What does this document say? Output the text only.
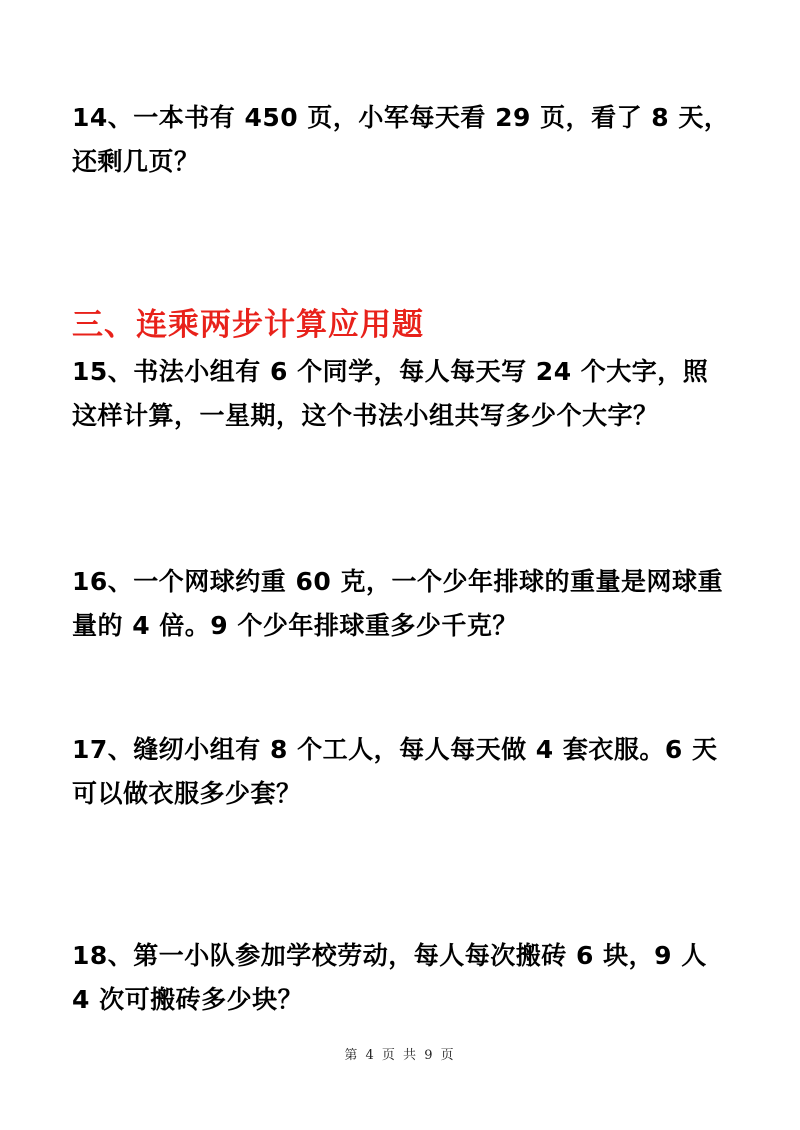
14、一本书有 450 页，小军每天看 29 页，看了 8 天，还剩几页？

三、连乘两步计算应用题

15、书法小组有 6 个同学，每人每天写 24 个大字，照这样计算，一星期，这个书法小组共写多少个大字？

16、一个网球约重 60 克，一个少年排球的重量是网球重量的 4 倍。9 个少年排球重多少千克？

17、缝纫小组有 8 个工人，每人每天做 4 套衣服。6 天可以做衣服多少套？

18、第一小队参加学校劳动，每人每次搬砖 6 块，9 人 4 次可搬砖多少块？

第 4 页 共 9 页
